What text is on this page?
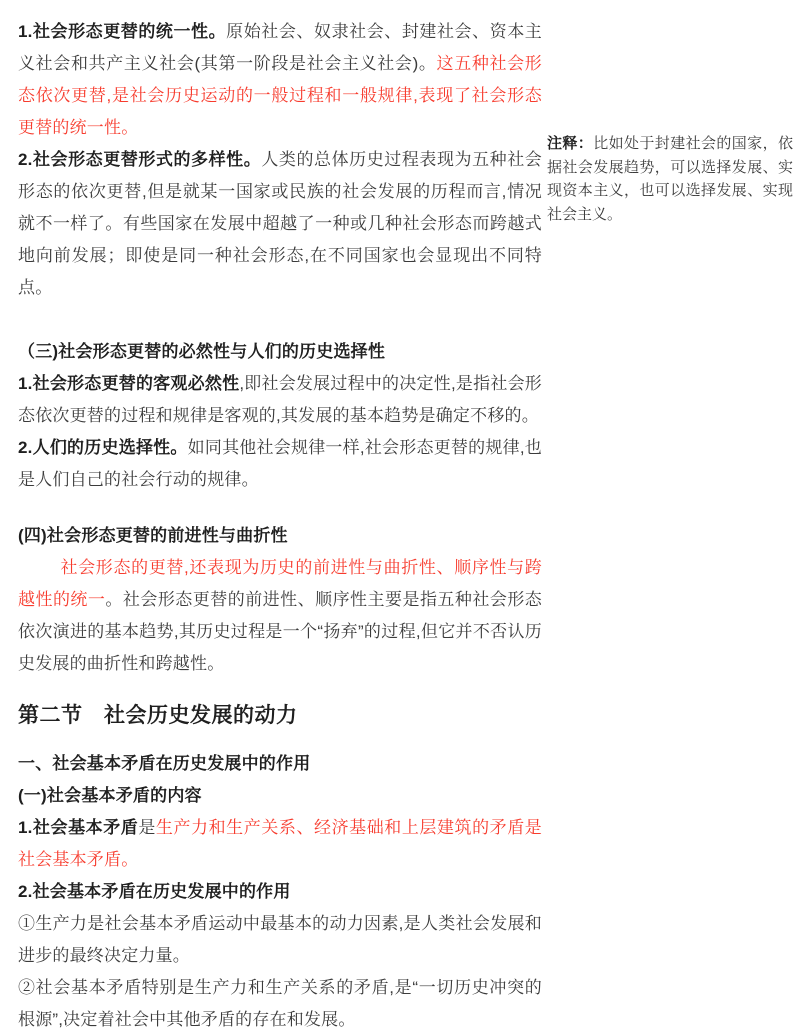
1.社会形态更替的统一性。原始社会、奴隶社会、封建社会、资本主义社会和共产主义社会(其第一阶段是社会主义社会)。这五种社会形态依次更替,是社会历史运动的一般过程和一般规律,表现了社会形态更替的统一性。

2.社会形态更替形式的多样性。人类的总体历史过程表现为五种社会形态的依次更替,但是就某一国家或民族的社会发展的历程而言,情况就不一样了。有些国家在发展中超越了一种或几种社会形态而跨越式地向前发展；即使是同一种社会形态,在不同国家也会显现出不同特点。

（三)社会形态更替的必然性与人们的历史选择性

1.社会形态更替的客观必然性,即社会发展过程中的决定性,是指社会形态依次更替的过程和规律是客观的,其发展的基本趋势是确定不移的。

2.人们的历史选择性。如同其他社会规律一样,社会形态更替的规律,也是人们自己的社会行动的规律。

(四)社会形态更替的前进性与曲折性

社会形态的更替,还表现为历史的前进性与曲折性、顺序性与跨越性的统一。社会形态更替的前进性、顺序性主要是指五种社会形态依次演进的基本趋势,其历史过程是一个“扬弃”的过程,但它并不否认历史发展的曲折性和跨越性。

第二节　社会历史发展的动力

一、社会基本矛盾在历史发展中的作用

(一)社会基本矛盾的内容

1.社会基本矛盾是生产力和生产关系、经济基础和上层建筑的矛盾是社会基本矛盾。

2.社会基本矛盾在历史发展中的作用

①生产力是社会基本矛盾运动中最基本的动力因素,是人类社会发展和进步的最终决定力量。

②社会基本矛盾特别是生产力和生产关系的矛盾,是“一切历史冲突的根源”,决定着社会中其他矛盾的存在和发展。

注释：比如处于封建社会的国家，依据社会发展趋势，可以选择发展、实现资本主义，也可以选择发展、实现社会主义。
